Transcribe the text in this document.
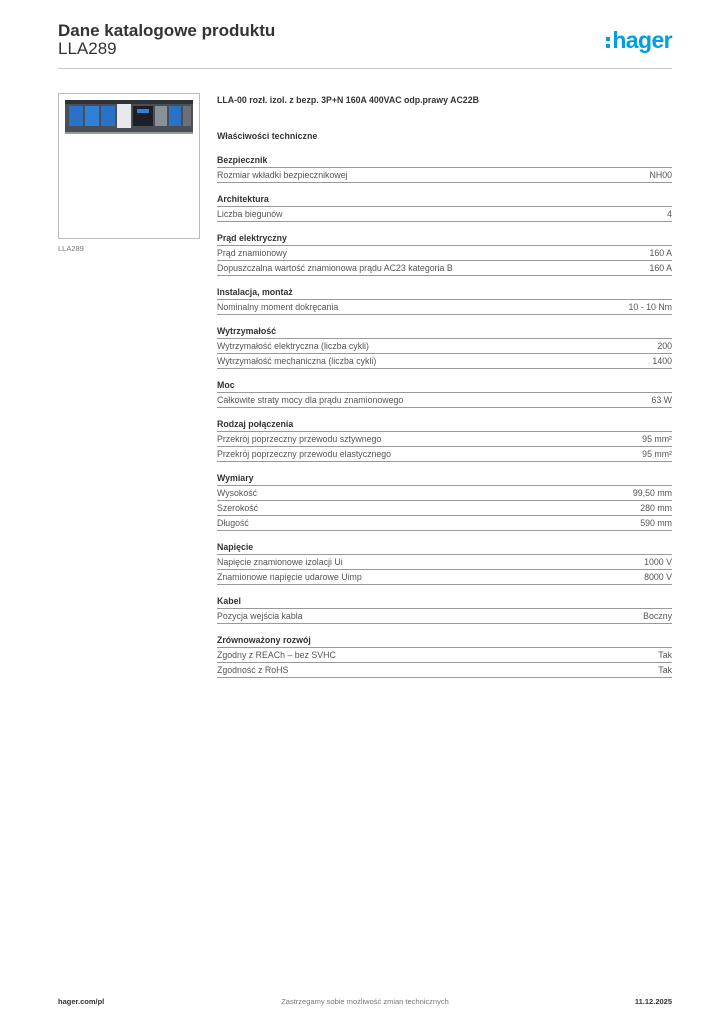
Dane katalogowe produktu
LLA289	hager
LLA289
LLA-00 rozł. izol. z bezp. 3P+N 160A 400VAC odp.prawy AC22B
Właściwości techniczne
Bezpiecznik
Rozmiar wkładki bezpiecznikowej	NH00
Architektura
Liczba biegunów	4
Prąd elektryczny
Prąd znamionowy	160 A
Dopuszczalna wartość znamionowa prądu AC23 kategoria B	160 A
Instalacja, montaż
Nominalny moment dokręcania	10 - 10 Nm
Wytrzymałość
Wytrzymałość elektryczna (liczba cykli)	200
Wytrzymałość mechaniczna (liczba cykli)	1400
Moc
Całkowite straty mocy dla prądu znamionowego	63 W
Rodzaj połączenia
Przekrój poprzeczny przewodu sztywnego	95 mm²
Przekrój poprzeczny przewodu elastycznego	95 mm²
Wymiary
Wysokość	99,50 mm
Szerokość	280 mm
Długość	590 mm
Napięcie
Napięcie znamionowe izolacji Ui	1000 V
Znamionowe napięcie udarowe Uimp	8000 V
Kabel
Pozycja wejścia kabla	Boczny
Zrównoważony rozwój
Zgodny z REACh – bez SVHC	Tak
Zgodność z RoHS	Tak
Zastrzegamy sobie możliwość zmian technicznych
hager.com/pl	11.12.2025
